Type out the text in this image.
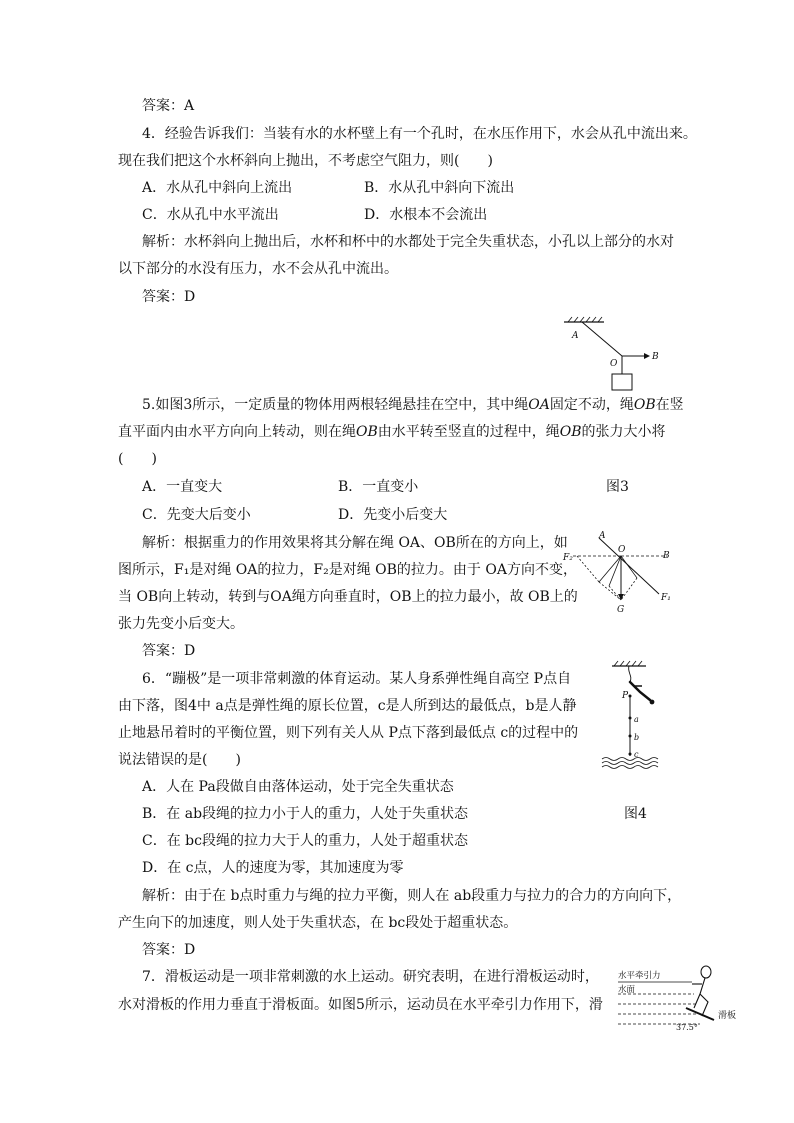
答案：A
4．经验告诉我们：当装有水的水杯壁上有一个孔时，在水压作用下，水会从孔中流出来。
现在我们把这个水杯斜向上抛出，不考虑空气阻力，则(　　)
A．水从孔中斜向上流出	B．水从孔中斜向下流出
C．水从孔中水平流出	D．水根本不会流出
解析：水杯斜向上抛出后，水杯和杯中的水都处于完全失重状态，小孔以上部分的水对
以下部分的水没有压力，水不会从孔中流出。
答案：D
A
O
B
5.如图3所示，一定质量的物体用两根轻绳悬挂在空中，其中绳OA固定不动，绳OB在竖
直平面内由水平方向向上转动，则在绳OB由水平转至竖直的过程中，绳OB的张力大小将
(　　)
A．一直变大	B．一直变小	图3
C．先变大后变小	D．先变小后变大
解析：根据重力的作用效果将其分解在绳 OA、OB所在的方向上，如
图所示，F₁是对绳 OA的拉力，F₂是对绳 OB的拉力。由于 OA方向不变，
当 OB向上转动，转到与OA绳方向垂直时，OB上的拉力最小，故 OB上的
张力先变小后变大。
答案：D
A
O
B
F₂
F₁
G
6．“蹦极”是一项非常刺激的体育运动。某人身系弹性绳自高空 P点自
由下落，图4中 a点是弹性绳的原长位置，c是人所到达的最低点，b是人静
止地悬吊着时的平衡位置，则下列有关人从 P点下落到最低点 c的过程中的
说法错误的是(　　)
A．人在 Pa段做自由落体运动，处于完全失重状态
B．在 ab段绳的拉力小于人的重力，人处于失重状态	图4
C．在 bc段绳的拉力大于人的重力，人处于超重状态
D．在 c点，人的速度为零，其加速度为零
解析：由于在 b点时重力与绳的拉力平衡，则人在 ab段重力与拉力的合力的方向向下，
产生向下的加速度，则人处于失重状态，在 bc段处于超重状态。
答案：D
P
a
b
c
7．滑板运动是一项非常刺激的水上运动。研究表明，在进行滑板运动时，
水对滑板的作用力垂直于滑板面。如图5所示，运动员在水平牵引力作用下，滑
水平牵引力
水面
37.5°
滑板
